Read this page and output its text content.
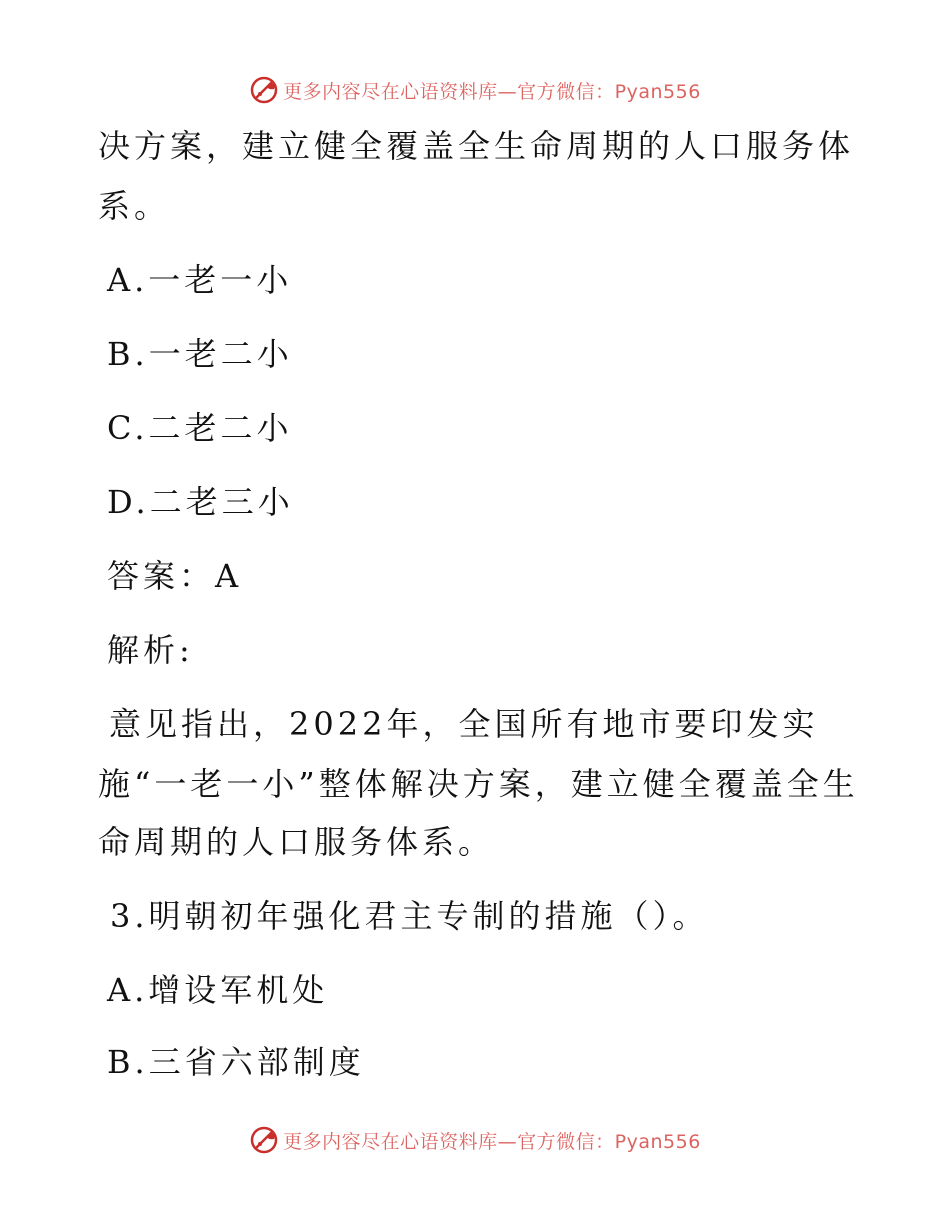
更多内容尽在心语资料库—官方微信：Pyan556
决方案，建立健全覆盖全生命周期的人口服务体
系。
A.一老一小
B.一老二小
C.二老二小
D.二老三小
答案：A
解析:
意见指出，2022年，全国所有地市要印发实
施“一老一小”整体解决方案，建立健全覆盖全生
命周期的人口服务体系。
3.明朝初年强化君主专制的措施（）。
A.增设军机处
B.三省六部制度
更多内容尽在心语资料库—官方微信：Pyan556
